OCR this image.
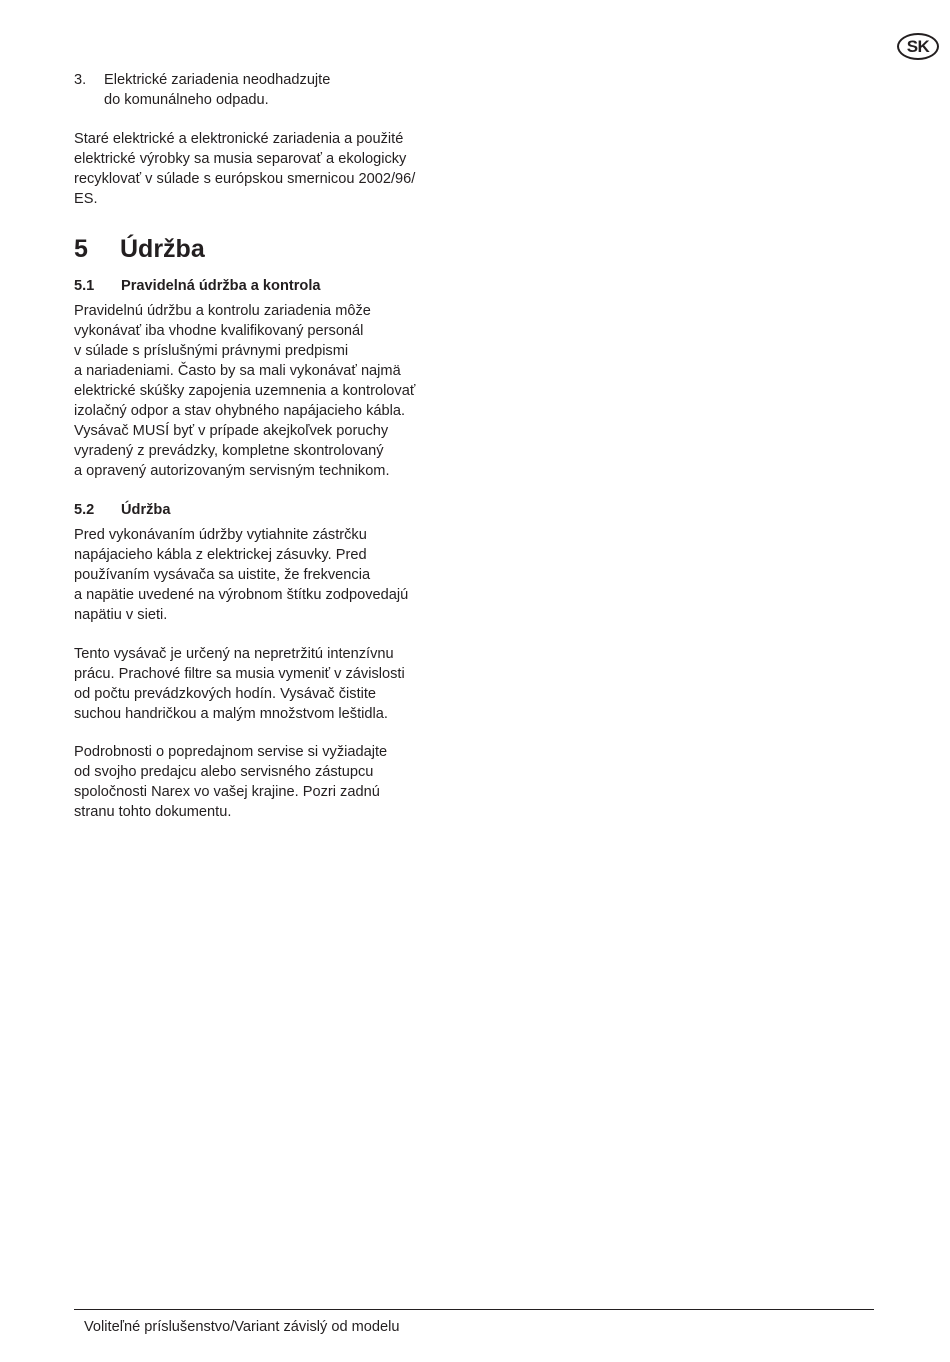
SK
3. Elektrické zariadenia neodhadzujte
do komunálneho odpadu.
Staré elektrické a elektronické zariadenia a použité
elektrické výrobky sa musia separovať a ekologicky
recyklovať v súlade s európskou smernicou 2002/96/
ES.
5 Údržba
5.1 Pravidelná údržba a kontrola
Pravidelnú údržbu a kontrolu zariadenia môže
vykonávať iba vhodne kvalifikovaný personál
v súlade s príslušnými právnymi predpismi
a nariadeniami. Často by sa mali vykonávať najmä
elektrické skúšky zapojenia uzemnenia a kontrolovať
izolačný odpor a stav ohybného napájacieho kábla.
Vysávač MUSÍ byť v prípade akejkoľvek poruchy
vyradený z prevádzky, kompletne skontrolovaný
a opravený autorizovaným servisným technikom.
5.2 Údržba
Pred vykonávaním údržby vytiahnite zástrčku
napájacieho kábla z elektrickej zásuvky. Pred
používaním vysávača sa uistite, že frekvencia
a napätie uvedené na výrobnom štítku zodpovedajú
napätiu v sieti.
Tento vysávač je určený na nepretržitú intenzívnu
prácu. Prachové filtre sa musia vymeniť v závislosti
od počtu prevádzkových hodín. Vysávač čistite
suchou handričkou a malým množstvom leštidla.
Podrobnosti o popredajnom servise si vyžiadajte
od svojho predajcu alebo servisného zástupcu
spoločnosti Narex vo vašej krajine. Pozri zadnú
stranu tohto dokumentu.
Voliteľné príslušenstvo/Variant závislý od modelu
